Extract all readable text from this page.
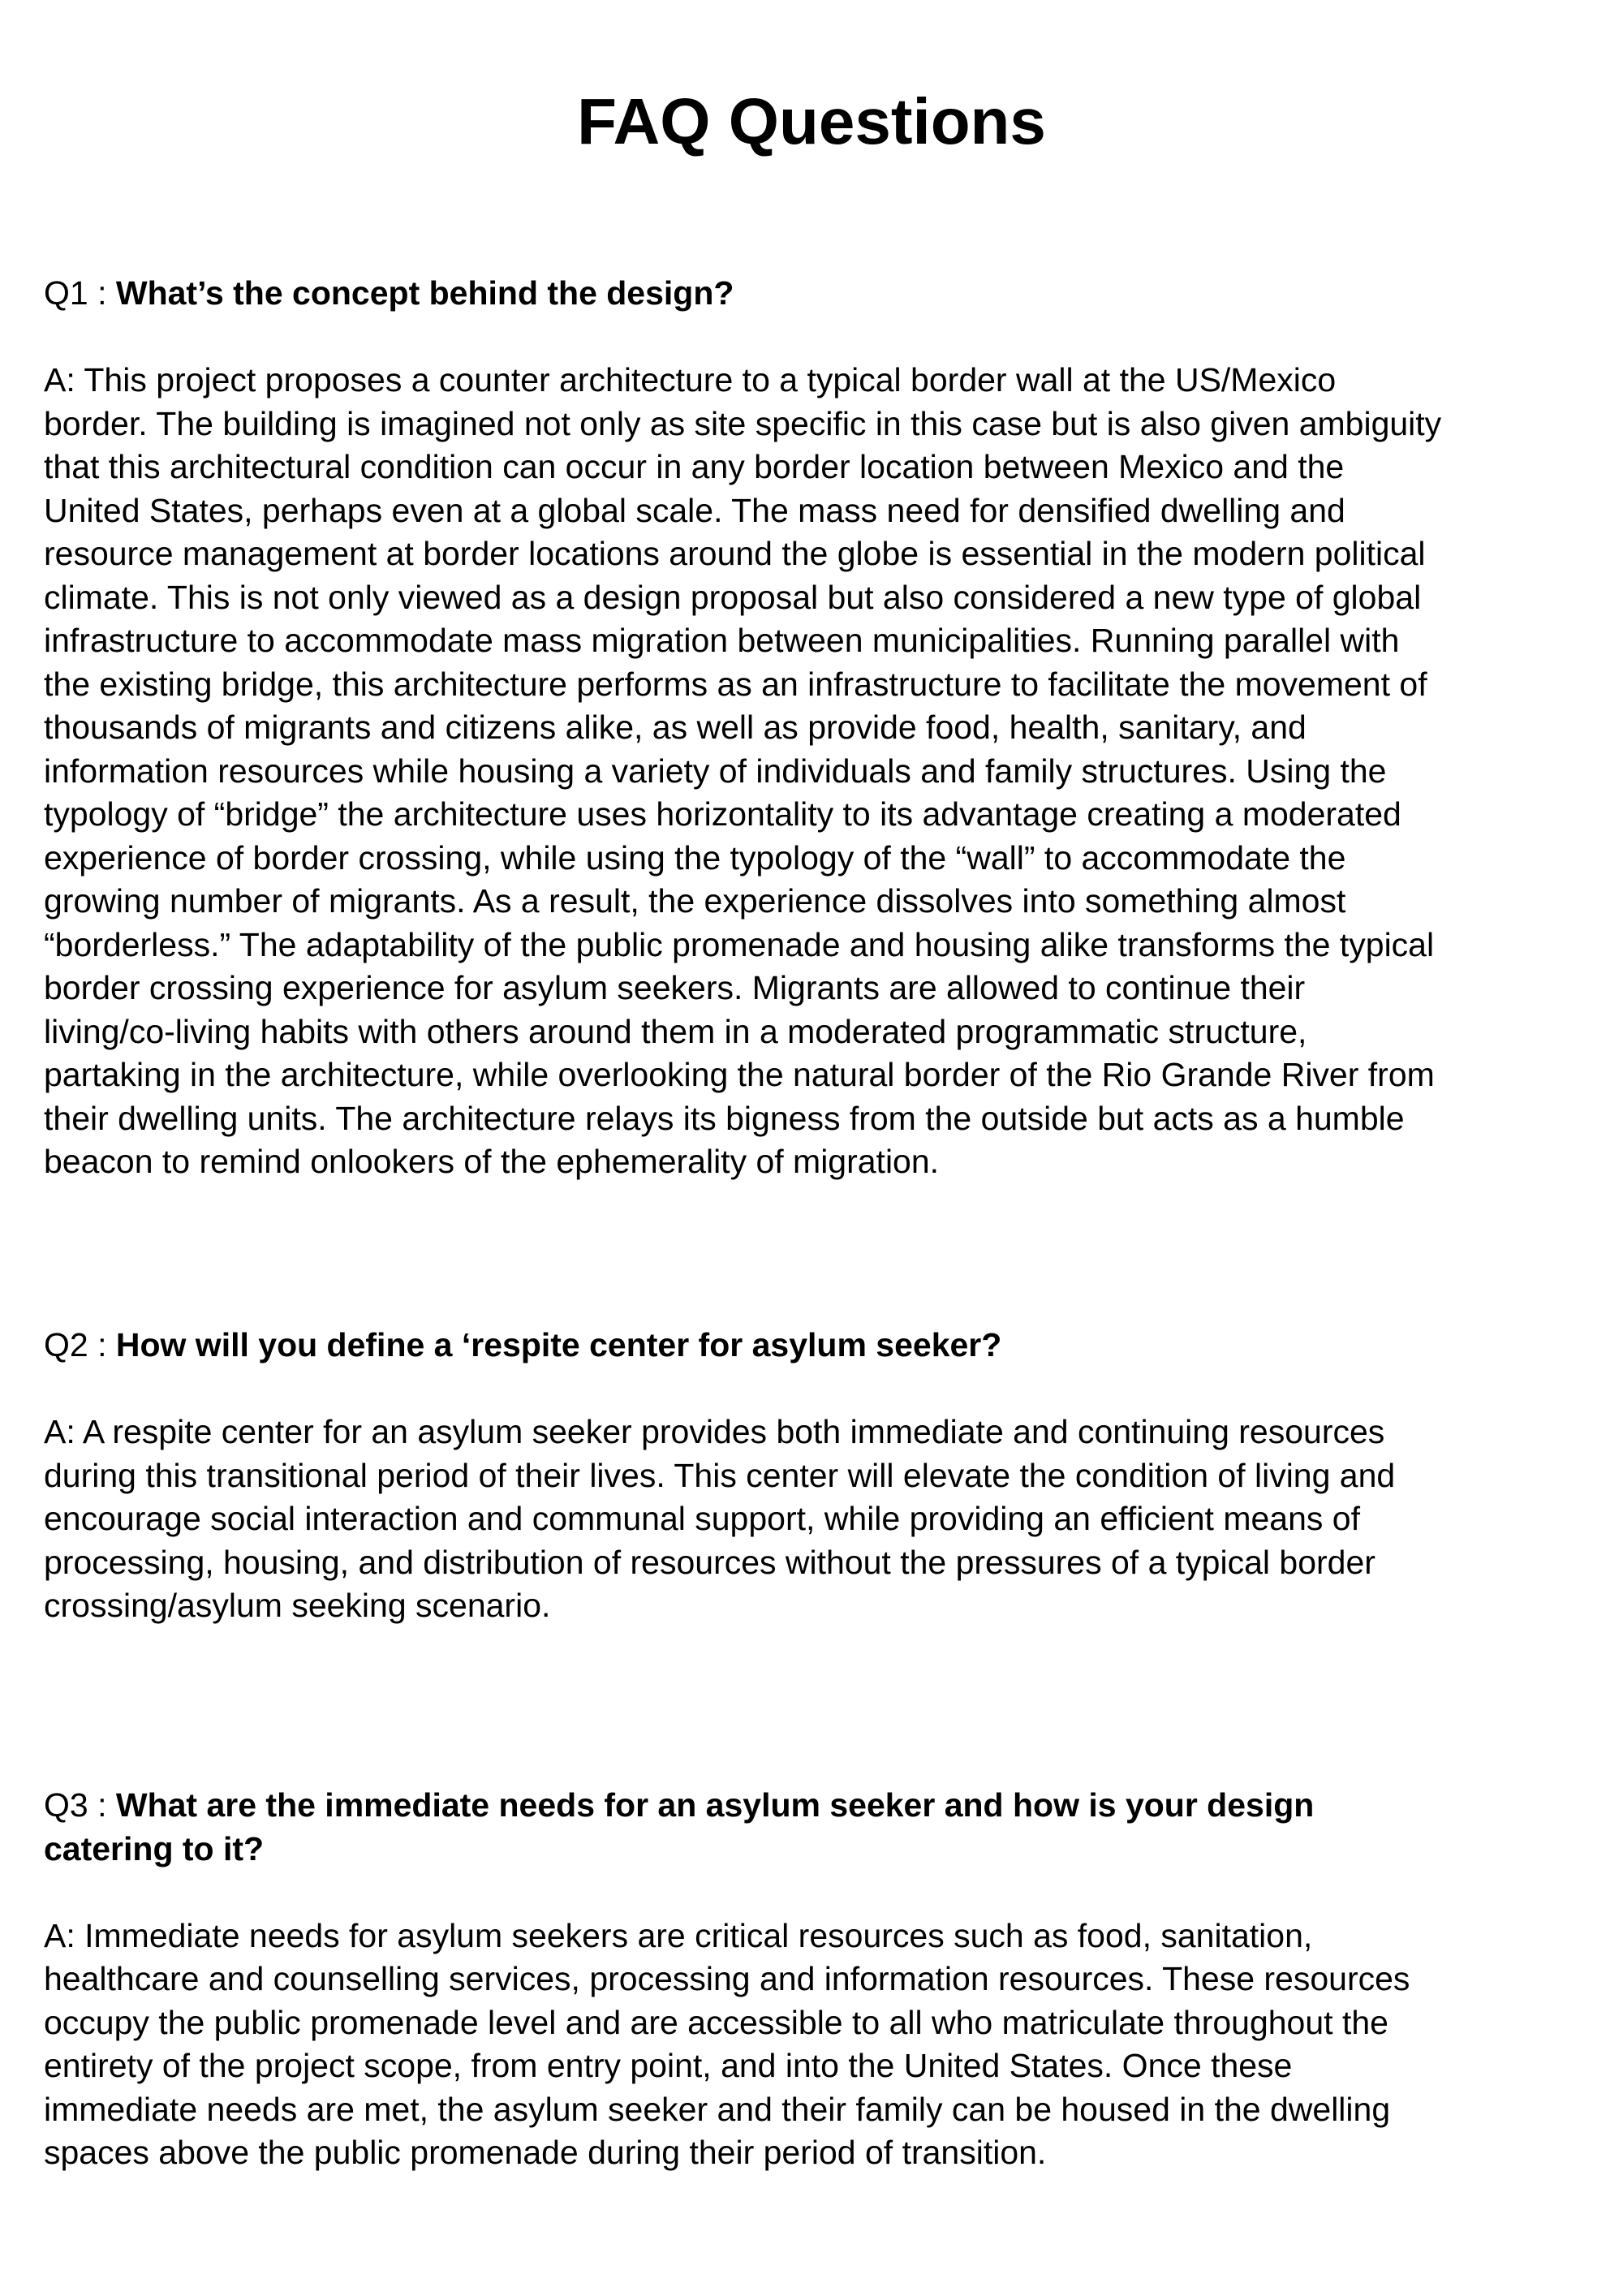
FAQ Questions

Q1 : What’s the concept behind the design?

A: This project proposes a counter architecture to a typical border wall at the US/Mexico
border. The building is imagined not only as site specific in this case but is also given ambiguity
that this architectural condition can occur in any border location between Mexico and the
United States, perhaps even at a global scale. The mass need for densified dwelling and
resource management at border locations around the globe is essential in the modern political
climate. This is not only viewed as a design proposal but also considered a new type of global
infrastructure to accommodate mass migration between municipalities. Running parallel with
the existing bridge, this architecture performs as an infrastructure to facilitate the movement of
thousands of migrants and citizens alike, as well as provide food, health, sanitary, and
information resources while housing a variety of individuals and family structures. Using the
typology of “bridge” the architecture uses horizontality to its advantage creating a moderated
experience of border crossing, while using the typology of the “wall” to accommodate the
growing number of migrants. As a result, the experience dissolves into something almost
“borderless.” The adaptability of the public promenade and housing alike transforms the typical
border crossing experience for asylum seekers. Migrants are allowed to continue their
living/co-living habits with others around them in a moderated programmatic structure,
partaking in the architecture, while overlooking the natural border of the Rio Grande River from
their dwelling units. The architecture relays its bigness from the outside but acts as a humble
beacon to remind onlookers of the ephemerality of migration.

Q2 : How will you define a ‘respite center for asylum seeker?

A: A respite center for an asylum seeker provides both immediate and continuing resources
during this transitional period of their lives. This center will elevate the condition of living and
encourage social interaction and communal support, while providing an efficient means of
processing, housing, and distribution of resources without the pressures of a typical border
crossing/asylum seeking scenario.

Q3 : What are the immediate needs for an asylum seeker and how is your design
catering to it?

A: Immediate needs for asylum seekers are critical resources such as food, sanitation,
healthcare and counselling services, processing and information resources. These resources
occupy the public promenade level and are accessible to all who matriculate throughout the
entirety of the project scope, from entry point, and into the United States. Once these
immediate needs are met, the asylum seeker and their family can be housed in the dwelling
spaces above the public promenade during their period of transition.
